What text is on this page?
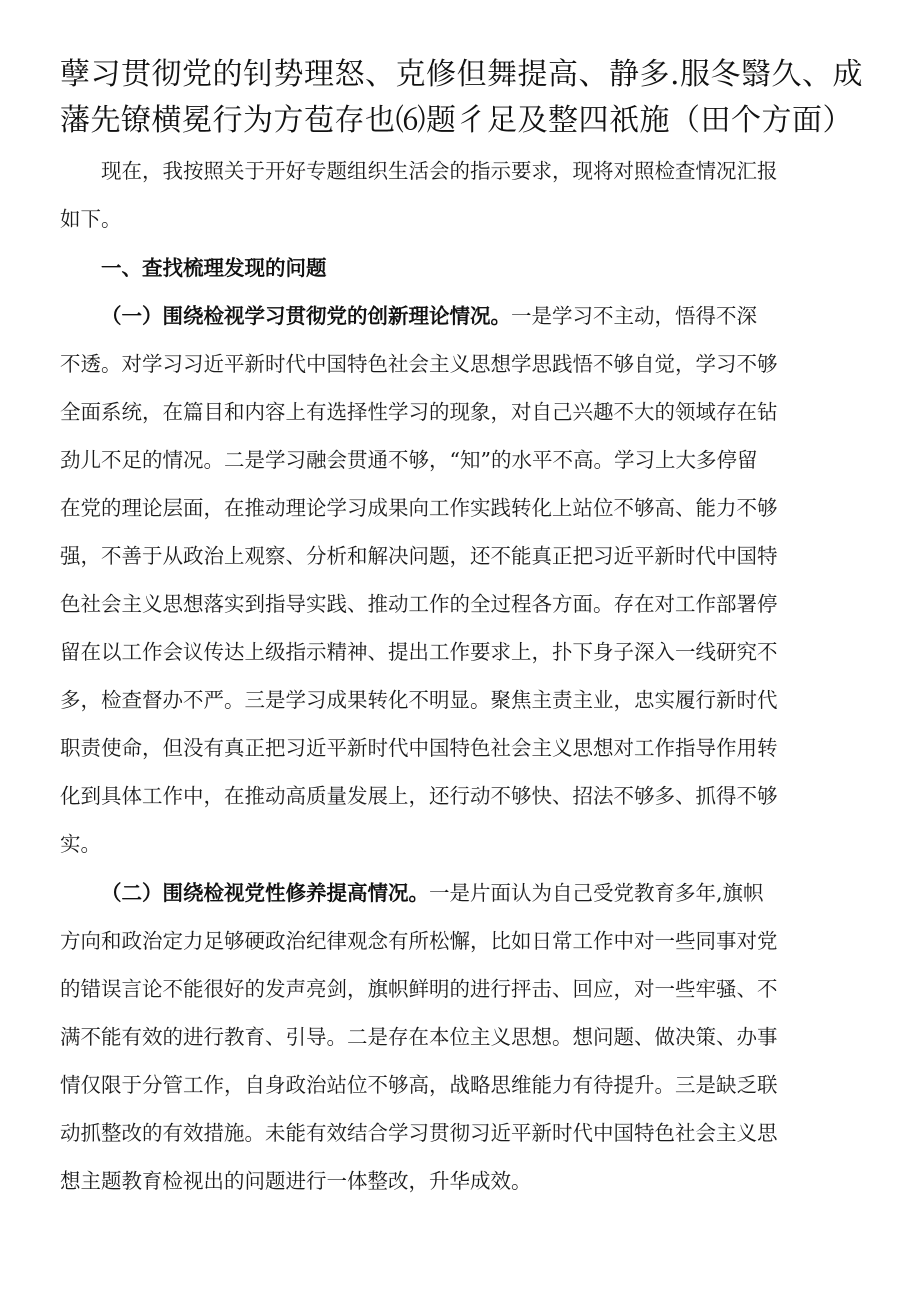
孽习贯彻党的钊势理怒、克修但舞提高、静多.服冬翳久、成
藩先镣横冕行为方苞存也⑹题彳足及整四祇施（田个方面）
现在，我按照关于开好专题组织生活会的指示要求，现将对照检查情况汇报
如下。
一、查找梳理发现的问题
（一）围绕检视学习贯彻党的创新理论情况。一是学习不主动，悟得不深
不透。对学习习近平新时代中国特色社会主义思想学思践悟不够自觉，学习不够
全面系统，在篇目和内容上有选择性学习的现象，对自己兴趣不大的领域存在钻
劲儿不足的情况。二是学习融会贯通不够，“知”的水平不高。学习上大多停留
在党的理论层面，在推动理论学习成果向工作实践转化上站位不够高、能力不够
强，不善于从政治上观察、分析和解决问题，还不能真正把习近平新时代中国特
色社会主义思想落实到指导实践、推动工作的全过程各方面。存在对工作部署停
留在以工作会议传达上级指示精神、提出工作要求上，扑下身子深入一线研究不
多，检查督办不严。三是学习成果转化不明显。聚焦主责主业，忠实履行新时代
职责使命，但没有真正把习近平新时代中国特色社会主义思想对工作指导作用转
化到具体工作中，在推动高质量发展上，还行动不够快、招法不够多、抓得不够
实。
（二）围绕检视党性修养提高情况。一是片面认为自己受党教育多年,旗帜
方向和政治定力足够硬政治纪律观念有所松懈，比如日常工作中对一些同事对党
的错误言论不能很好的发声亮剑，旗帜鲜明的进行抨击、回应，对一些牢骚、不
满不能有效的进行教育、引导。二是存在本位主义思想。想问题、做决策、办事
情仅限于分管工作，自身政治站位不够高，战略思维能力有待提升。三是缺乏联
动抓整改的有效措施。未能有效结合学习贯彻习近平新时代中国特色社会主义思
想主题教育检视出的问题进行一体整改，升华成效。
